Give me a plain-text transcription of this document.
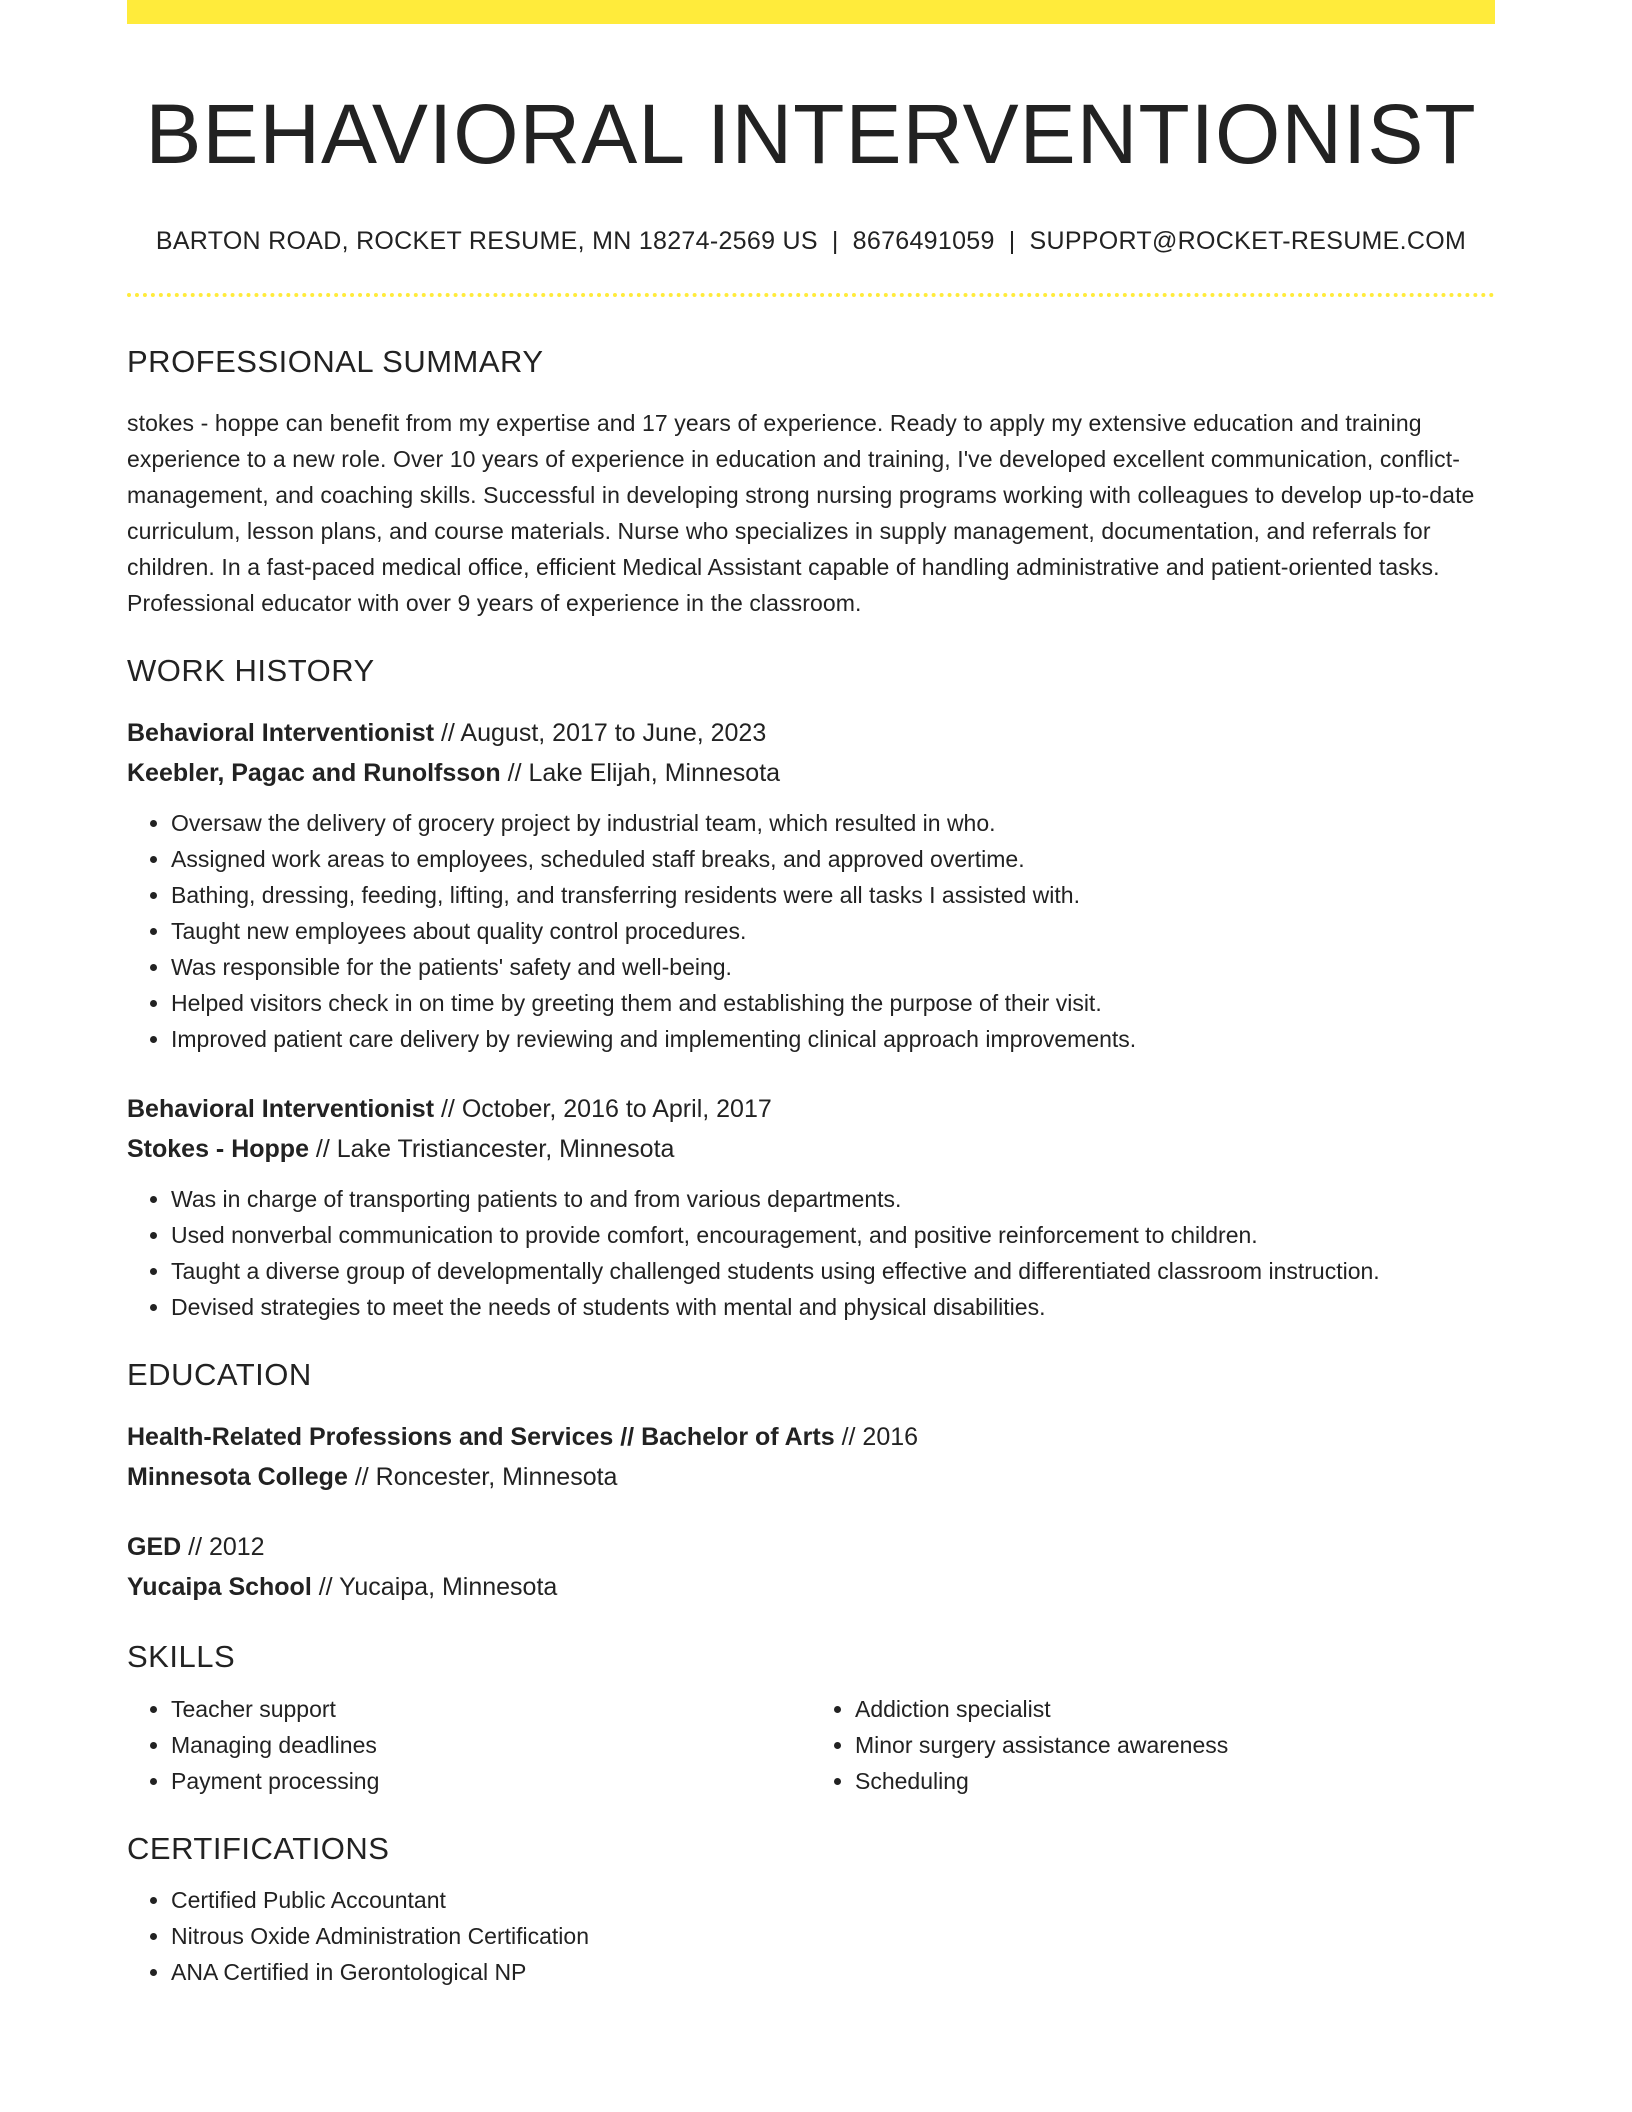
BEHAVIORAL INTERVENTIONIST
BARTON ROAD, ROCKET RESUME, MN 18274-2569 US | 8676491059 | SUPPORT@ROCKET-RESUME.COM
PROFESSIONAL SUMMARY
stokes - hoppe can benefit from my expertise and 17 years of experience. Ready to apply my extensive education and training experience to a new role. Over 10 years of experience in education and training, I've developed excellent communication, conflict-management, and coaching skills. Successful in developing strong nursing programs working with colleagues to develop up-to-date curriculum, lesson plans, and course materials. Nurse who specializes in supply management, documentation, and referrals for children. In a fast-paced medical office, efficient Medical Assistant capable of handling administrative and patient-oriented tasks. Professional educator with over 9 years of experience in the classroom.
WORK HISTORY
Behavioral Interventionist // August, 2017 to June, 2023
Keebler, Pagac and Runolfsson // Lake Elijah, Minnesota
• Oversaw the delivery of grocery project by industrial team, which resulted in who.
• Assigned work areas to employees, scheduled staff breaks, and approved overtime.
• Bathing, dressing, feeding, lifting, and transferring residents were all tasks I assisted with.
• Taught new employees about quality control procedures.
• Was responsible for the patients' safety and well-being.
• Helped visitors check in on time by greeting them and establishing the purpose of their visit.
• Improved patient care delivery by reviewing and implementing clinical approach improvements.
Behavioral Interventionist // October, 2016 to April, 2017
Stokes - Hoppe // Lake Tristiancester, Minnesota
• Was in charge of transporting patients to and from various departments.
• Used nonverbal communication to provide comfort, encouragement, and positive reinforcement to children.
• Taught a diverse group of developmentally challenged students using effective and differentiated classroom instruction.
• Devised strategies to meet the needs of students with mental and physical disabilities.
EDUCATION
Health-Related Professions and Services // Bachelor of Arts // 2016
Minnesota College // Roncester, Minnesota
GED // 2012
Yucaipa School // Yucaipa, Minnesota
SKILLS
• Teacher support
• Managing deadlines
• Payment processing
• Addiction specialist
• Minor surgery assistance awareness
• Scheduling
CERTIFICATIONS
• Certified Public Accountant
• Nitrous Oxide Administration Certification
• ANA Certified in Gerontological NP
